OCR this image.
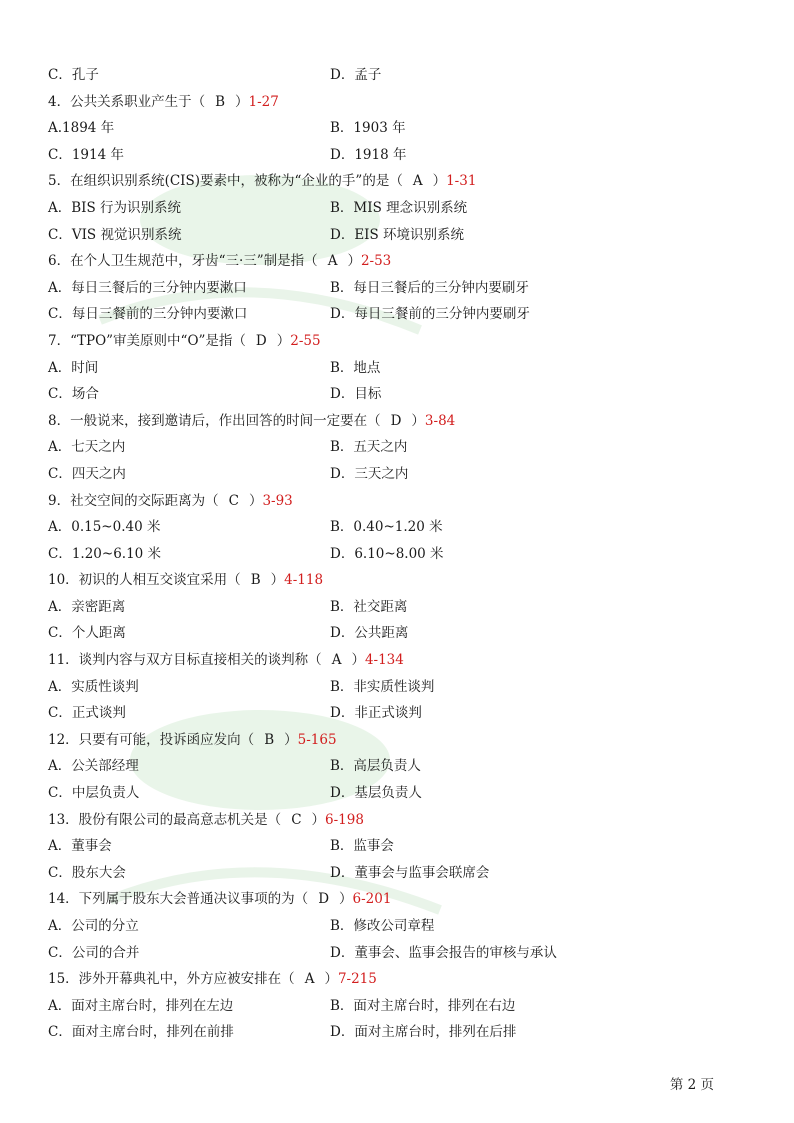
C．孔子	D．孟子
4．公共关系职业产生于（ B ）1-27
A.1894 年	B．1903 年
C．1914 年	D．1918 年
5．在组织识别系统(CIS)要素中，被称为“企业的手”的是（ A ）1-31
A．BIS 行为识别系统	B．MIS 理念识别系统
C．VIS 视觉识别系统	D．EIS 环境识别系统
6．在个人卫生规范中，牙齿“三·三”制是指（ A ）2-53
A．每日三餐后的三分钟内要漱口	B．每日三餐后的三分钟内要刷牙
C．每日三餐前的三分钟内要漱口	D．每日三餐前的三分钟内要刷牙
7．“TPO”审美原则中“O”是指（ D ）2-55
A．时间	B．地点
C．场合	D．目标
8．一般说来，接到邀请后，作出回答的时间一定要在（ D ）3-84
A．七天之内	B．五天之内
C．四天之内	D．三天之内
9．社交空间的交际距离为（ C ）3-93
A．0.15~0.40 米	B．0.40~1.20 米
C．1.20~6.10 米	D．6.10~8.00 米
10．初识的人相互交谈宜采用（ B ）4-118
A．亲密距离	B．社交距离
C．个人距离	D．公共距离
11．谈判内容与双方目标直接相关的谈判称（ A ）4-134
A．实质性谈判	B．非实质性谈判
C．正式谈判	D．非正式谈判
12．只要有可能，投诉函应发向（ B ）5-165
A．公关部经理	B．高层负责人
C．中层负责人	D．基层负责人
13．股份有限公司的最高意志机关是（ C ）6-198
A．董事会	B．监事会
C．股东大会	D．董事会与监事会联席会
14．下列属于股东大会普通决议事项的为（ D ）6-201
A．公司的分立	B．修改公司章程
C．公司的合并	D．董事会、监事会报告的审核与承认
15．涉外开幕典礼中，外方应被安排在（ A ）7-215
A．面对主席台时，排列在左边	B．面对主席台时，排列在右边
C．面对主席台时，排列在前排	D．面对主席台时，排列在后排
第 2 页
